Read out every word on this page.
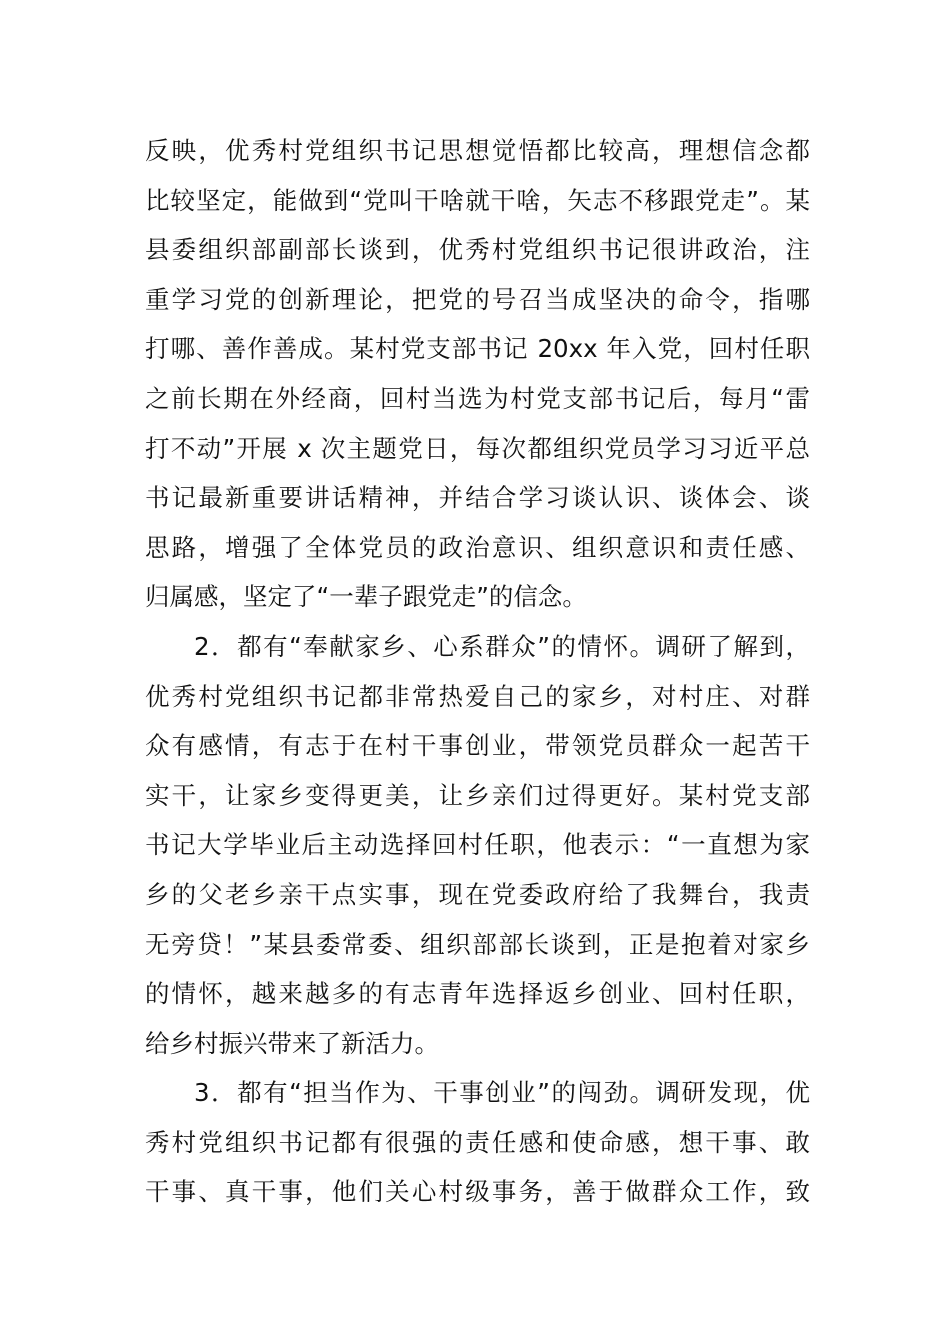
反映，优秀村党组织书记思想觉悟都比较高，理想信念都
比较坚定，能做到“党叫干啥就干啥，矢志不移跟党走”。某
县委组织部副部长谈到，优秀村党组织书记很讲政治，注
重学习党的创新理论，把党的号召当成坚决的命令，指哪
打哪、善作善成。某村党支部书记 20xx 年入党，回村任职
之前长期在外经商，回村当选为村党支部书记后，每月“雷
打不动”开展 x 次主题党日，每次都组织党员学习习近平总
书记最新重要讲话精神，并结合学习谈认识、谈体会、谈
思路，增强了全体党员的政治意识、组织意识和责任感、
归属感，坚定了“一辈子跟党走”的信念。
2．都有“奉献家乡、心系群众”的情怀。调研了解到，
优秀村党组织书记都非常热爱自己的家乡，对村庄、对群
众有感情，有志于在村干事创业，带领党员群众一起苦干
实干，让家乡变得更美，让乡亲们过得更好。某村党支部
书记大学毕业后主动选择回村任职，他表示：“一直想为家
乡的父老乡亲干点实事，现在党委政府给了我舞台，我责
无旁贷！”某县委常委、组织部部长谈到，正是抱着对家乡
的情怀，越来越多的有志青年选择返乡创业、回村任职，
给乡村振兴带来了新活力。
3．都有“担当作为、干事创业”的闯劲。调研发现，优
秀村党组织书记都有很强的责任感和使命感，想干事、敢
干事、真干事，他们关心村级事务，善于做群众工作，致
